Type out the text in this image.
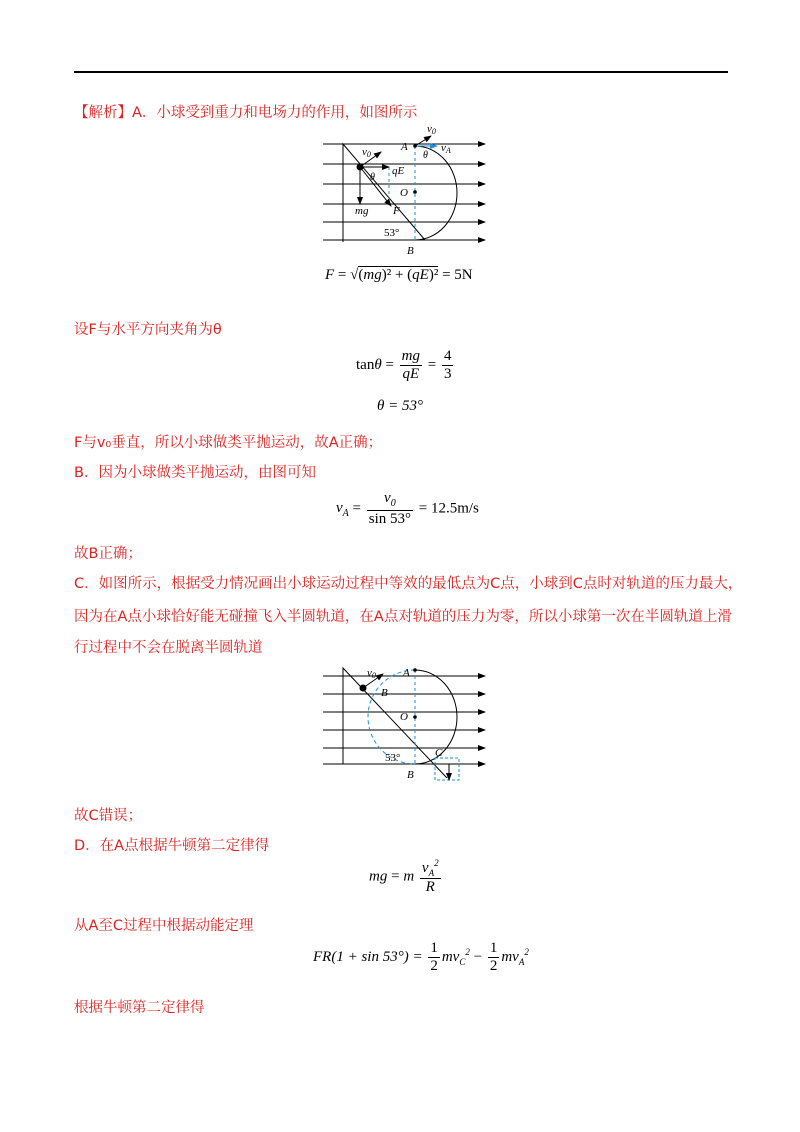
【解析】A．小球受到重力和电场力的作用，如图所示
v0
A
θ
vA
v0
qE
θ
O
mg F
53°
B
F = √(mg)² + (qE)² = 5N
设F与水平方向夹角为θ
$\tan\theta = \frac{mg}{qE} = \frac{4}{3}$
θ = 53°
F与v₀垂直，所以小球做类平抛运动，故A正确；
B．因为小球做类平抛运动，由图可知
$v_A = \frac{v_0}{\sin 53^\circ} = 12.5m/s$
故B正确；
C．如图所示，根据受力情况画出小球运动过程中等效的最低点为C点，小球到C点时对轨道的压力最大，
因为在A点小球恰好能无碰撞飞入半圆轨道，在A点对轨道的压力为零，所以小球第一次在半圆轨道上滑
行过程中不会在脱离半圆轨道
v0 A
B
O
53°	C
B
故C错误；
D．在A点根据牛顿第二定律得
mg = m $\frac{v_A^2}{R}$
从A至C过程中根据动能定理
$FR(1 + \sin 53^\circ) = \frac{1}{2} mv_C^2 - \frac{1}{2} mv_A^2$
根据牛顿第二定律得
